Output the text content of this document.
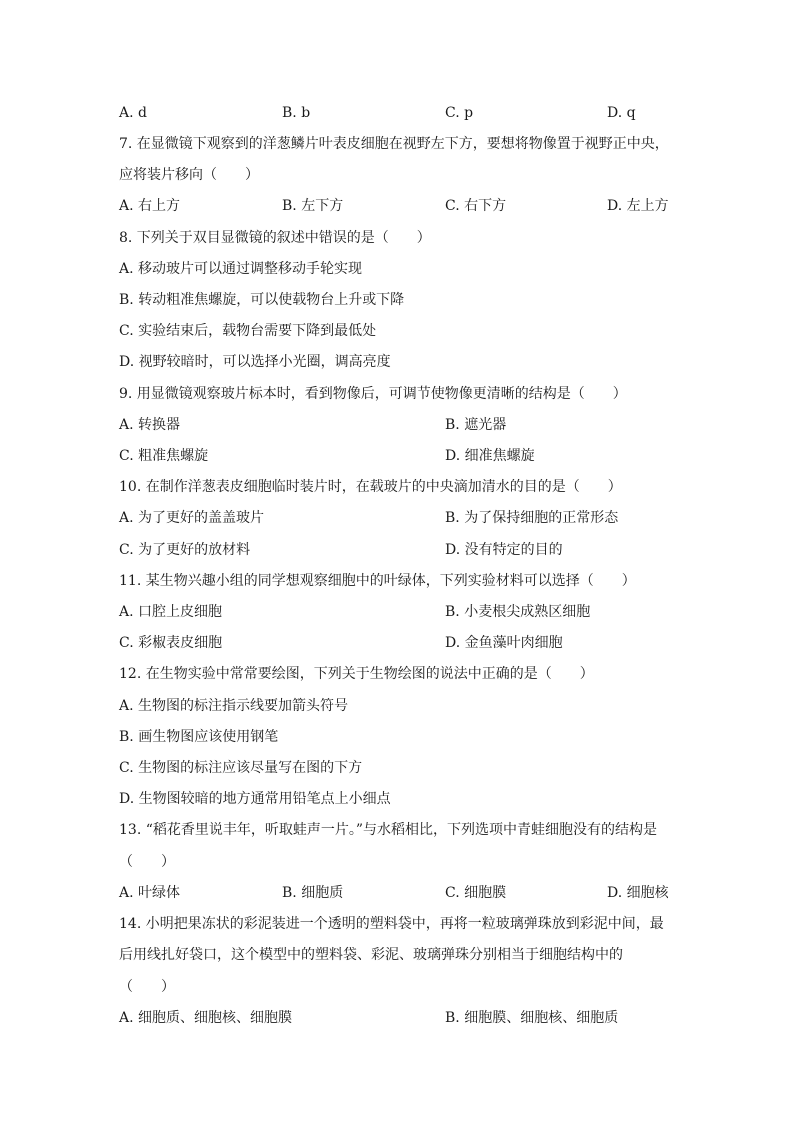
A. d	B. b	C. p	D. q
7. 在显微镜下观察到的洋葱鳞片叶表皮细胞在视野左下方，要想将物像置于视野正中央，
应将装片移向（　　）
A. 右上方	B. 左下方	C. 右下方	D. 左上方
8. 下列关于双目显微镜的叙述中错误的是（　　）
A. 移动玻片可以通过调整移动手轮实现
B. 转动粗准焦螺旋，可以使载物台上升或下降
C. 实验结束后，载物台需要下降到最低处
D. 视野较暗时，可以选择小光圈，调高亮度
9. 用显微镜观察玻片标本时，看到物像后，可调节使物像更清晰的结构是（　　）
A. 转换器	B. 遮光器
C. 粗准焦螺旋	D. 细准焦螺旋
10. 在制作洋葱表皮细胞临时装片时，在载玻片的中央滴加清水的目的是（　　）
A. 为了更好的盖盖玻片	B. 为了保持细胞的正常形态
C. 为了更好的放材料	D. 没有特定的目的
11. 某生物兴趣小组的同学想观察细胞中的叶绿体，下列实验材料可以选择（　　）
A. 口腔上皮细胞	B. 小麦根尖成熟区细胞
C. 彩椒表皮细胞	D. 金鱼藻叶肉细胞
12. 在生物实验中常常要绘图，下列关于生物绘图的说法中正确的是（　　）
A. 生物图的标注指示线要加箭头符号
B. 画生物图应该使用钢笔
C. 生物图的标注应该尽量写在图的下方
D. 生物图较暗的地方通常用铅笔点上小细点
13. “稻花香里说丰年，听取蛙声一片。”与水稻相比，下列选项中青蛙细胞没有的结构是
（　　）
A. 叶绿体	B. 细胞质	C. 细胞膜	D. 细胞核
14. 小明把果冻状的彩泥装进一个透明的塑料袋中，再将一粒玻璃弹珠放到彩泥中间，最
后用线扎好袋口，这个模型中的塑料袋、彩泥、玻璃弹珠分别相当于细胞结构中的
（　　）
A. 细胞质、细胞核、细胞膜	B. 细胞膜、细胞核、细胞质
